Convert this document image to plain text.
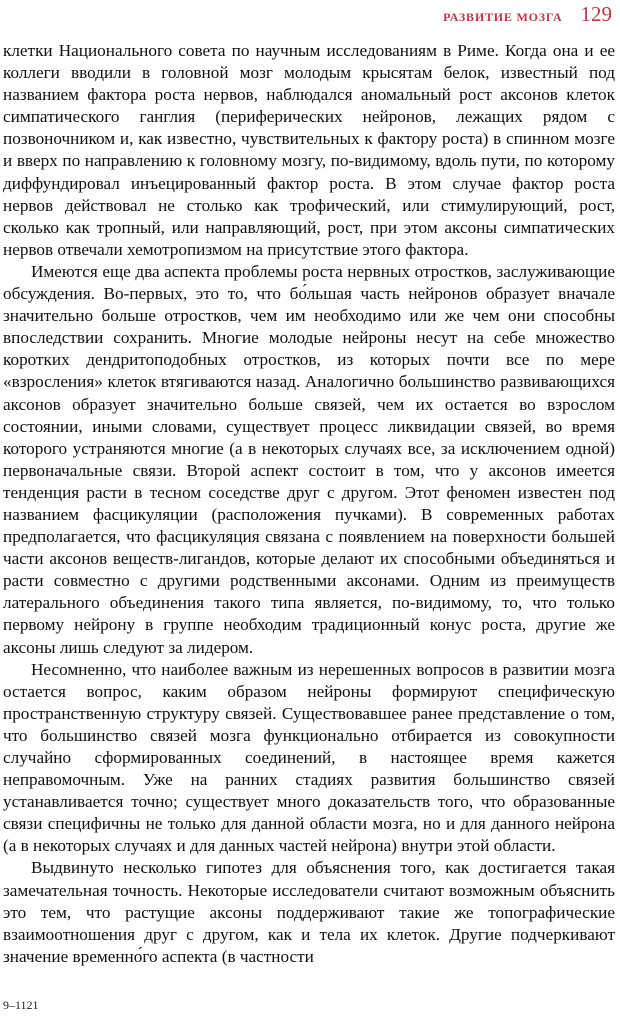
РАЗВИТИЕ МОЗГА 129

клетки Национального совета по научным исследованиям в Риме. Когда она и ее коллеги вводили в головной мозг молодым крысятам белок, известный под названием фактора роста нервов, наблюдался аномальный рост аксонов клеток симпатического ганглия (периферических нейронов, лежащих рядом с позвоночником и, как известно, чувствительных к фактору роста) в спинном мозге и вверх по направлению к головному мозгу, по-видимому, вдоль пути, по которому диффундировал инъецированный фактор роста. В этом случае фактор роста нервов действовал не столько как трофический, или стимулирующий, рост, сколько как тропный, или направляющий, рост, при этом аксоны симпатических нервов отвечали хемотропизмом на присутствие этого фактора.

Имеются еще два аспекта проблемы роста нервных отростков, заслуживающие обсуждения. Во-первых, это то, что бо́льшая часть нейронов образует вначале значительно больше отростков, чем им необходимо или же чем они способны впоследствии сохранить. Многие молодые нейроны несут на себе множество коротких дендритоподобных отростков, из которых почти все по мере «взросления» клеток втягиваются назад. Аналогично большинство развивающихся аксонов образует значительно больше связей, чем их остается во взрослом состоянии, иными словами, существует процесс ликвидации связей, во время которого устраняются многие (а в некоторых случаях все, за исключением одной) первоначальные связи. Второй аспект состоит в том, что у аксонов имеется тенденция расти в тесном соседстве друг с другом. Этот феномен известен под названием фасцикуляции (расположения пучками). В современных работах предполагается, что фасцикуляция связана с появлением на поверхности большей части аксонов веществ-лигандов, которые делают их способными объединяться и расти совместно с другими родственными аксонами. Одним из преимуществ латерального объединения такого типа является, по-видимому, то, что только первому нейрону в группе необходим традиционный конус роста, другие же аксоны лишь следуют за лидером.

Несомненно, что наиболее важным из нерешенных вопросов в развитии мозга остается вопрос, каким образом нейроны формируют специфическую пространственную структуру связей. Существовавшее ранее представление о том, что большинство связей мозга функционально отбирается из совокупности случайно сформированных соединений, в настоящее время кажется неправомочным. Уже на ранних стадиях развития большинство связей устанавливается точно; существует много доказательств того, что образованные связи специфичны не только для данной области мозга, но и для данного нейрона (а в некоторых случаях и для данных частей нейрона) внутри этой области.

Выдвинуто несколько гипотез для объяснения того, как достигается такая замечательная точность. Некоторые исследователи считают возможным объяснить это тем, что растущие аксоны поддерживают такие же топографические взаимоотношения друг с другом, как и тела их клеток. Другие подчеркивают значение временно́го аспекта (в частности

9–1121
